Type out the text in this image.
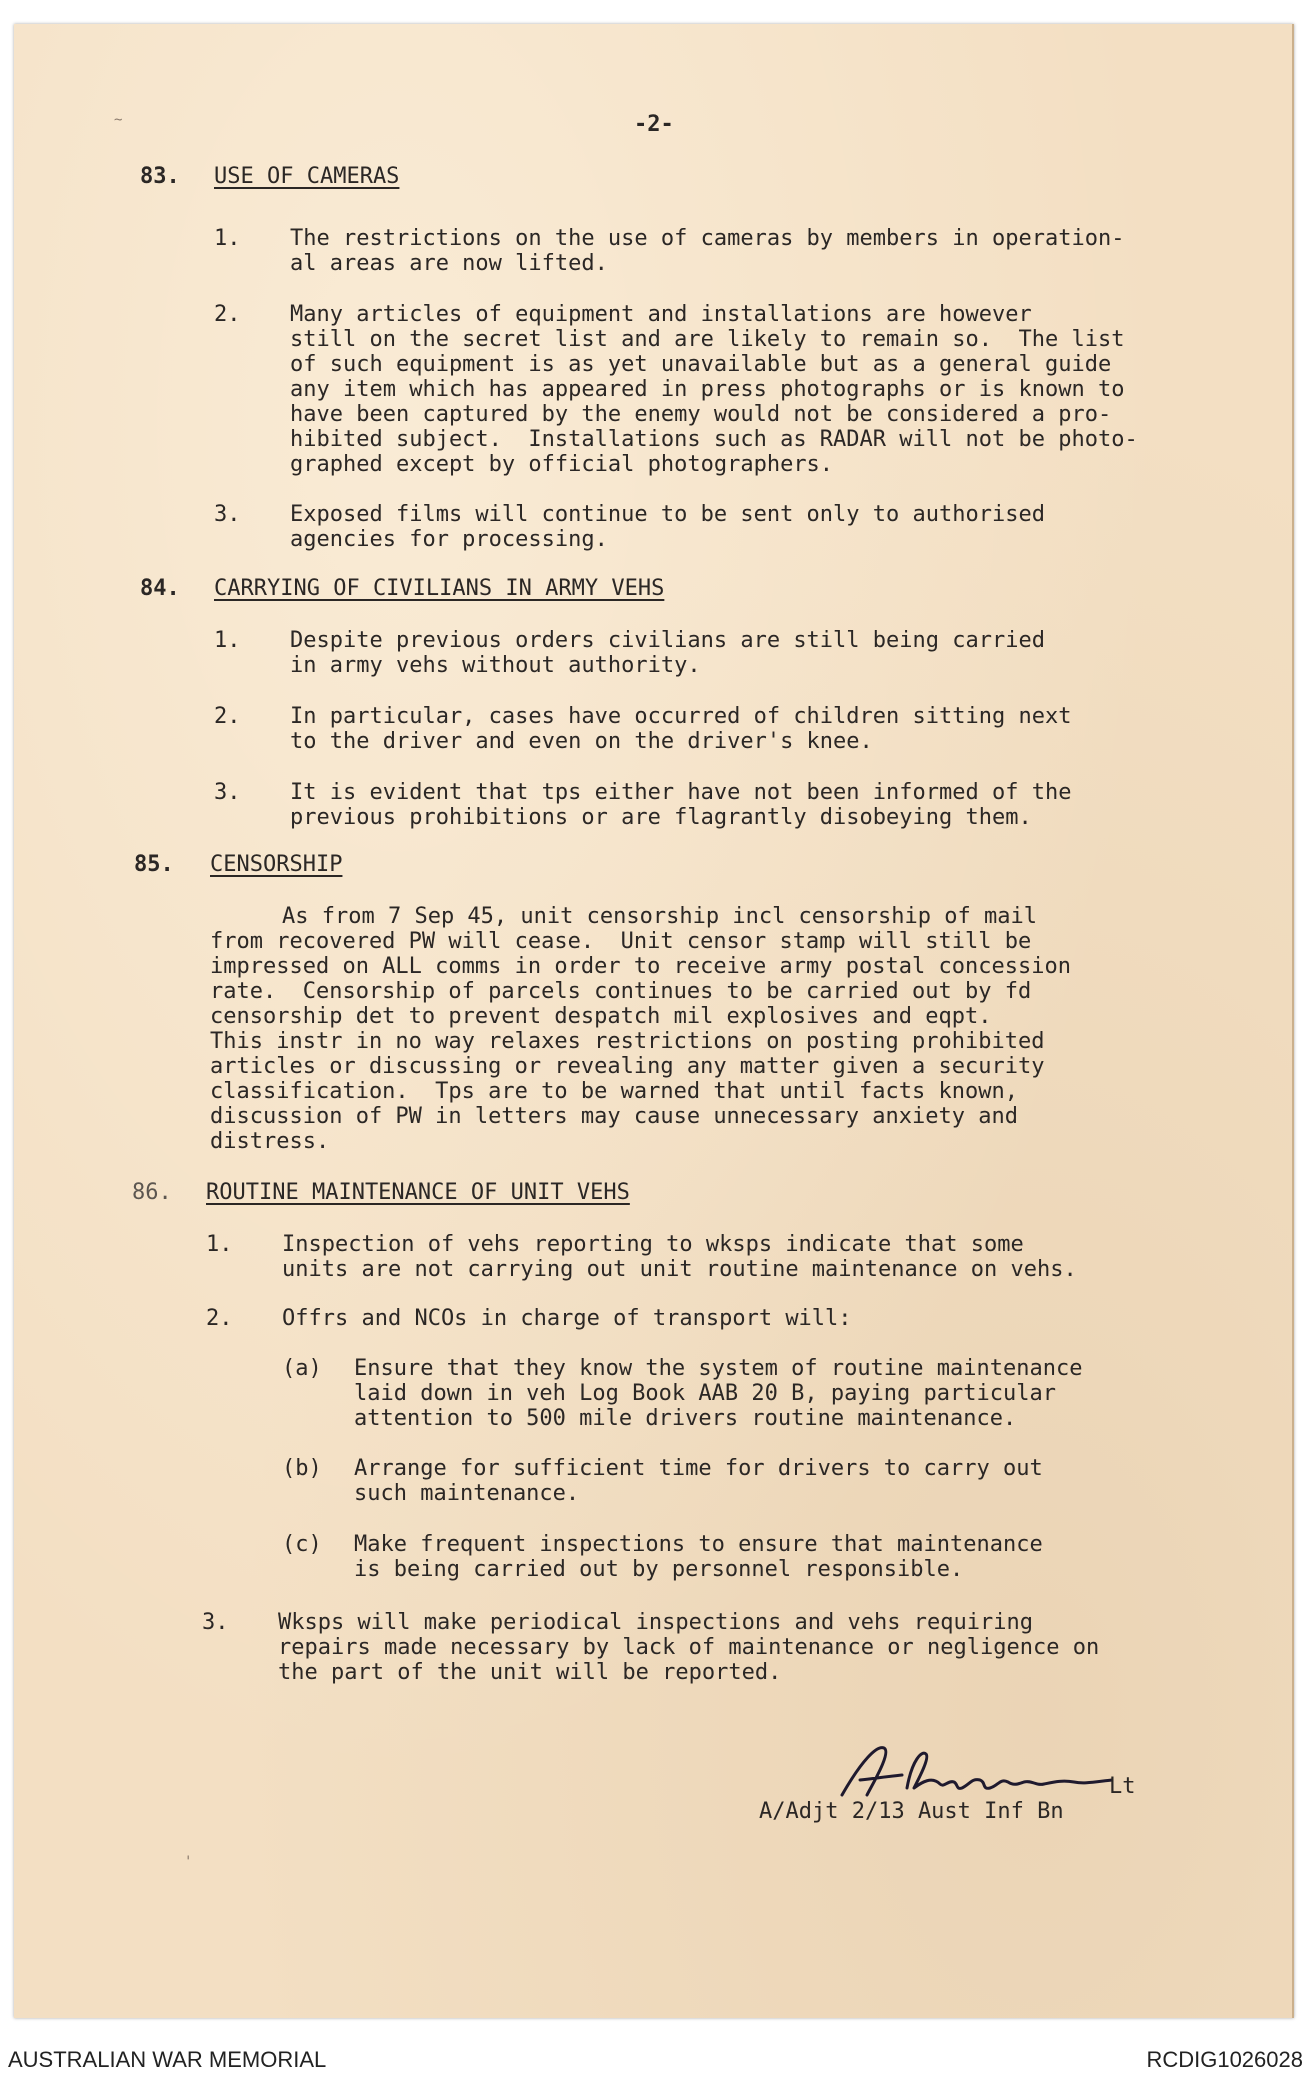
-2-
83. USE OF CAMERAS
1. The restrictions on the use of cameras by members in operation-
al areas are now lifted.
2. Many articles of equipment and installations are however
still on the secret list and are likely to remain so.  The list
of such equipment is as yet unavailable but as a general guide
any item which has appeared in press photographs or is known to
have been captured by the enemy would not be considered a pro-
hibited subject.  Installations such as RADAR will not be photo-
graphed except by official photographers.
3. Exposed films will continue to be sent only to authorised
agencies for processing.
84. CARRYING OF CIVILIANS IN ARMY VEHS
1. Despite previous orders civilians are still being carried
in army vehs without authority.
2. In particular, cases have occurred of children sitting next
to the driver and even on the driver's knee.
3. It is evident that tps either have not been informed of the
previous prohibitions or are flagrantly disobeying them.
85. CENSORSHIP
As from 7 Sep 45, unit censorship incl censorship of mail
from recovered PW will cease.  Unit censor stamp will still be
impressed on ALL comms in order to receive army postal concession
rate.  Censorship of parcels continues to be carried out by fd
censorship det to prevent despatch mil explosives and eqpt.
This instr in no way relaxes restrictions on posting prohibited
articles or discussing or revealing any matter given a security
classification.  Tps are to be warned that until facts known,
discussion of PW in letters may cause unnecessary anxiety and
distress.
86. ROUTINE MAINTENANCE OF UNIT VEHS
1. Inspection of vehs reporting to wksps indicate that some
units are not carrying out unit routine maintenance on vehs.
2. Offrs and NCOs in charge of transport will:
(a) Ensure that they know the system of routine maintenance
laid down in veh Log Book AAB 20 B, paying particular
attention to 500 mile drivers routine maintenance.
(b) Arrange for sufficient time for drivers to carry out
such maintenance.
(c) Make frequent inspections to ensure that maintenance
is being carried out by personnel responsible.
3. Wksps will make periodical inspections and vehs requiring
repairs made necessary by lack of maintenance or negligence on
the part of the unit will be reported.
Lt
A/Adjt 2/13 Aust Inf Bn
~
'
AUSTRALIAN WAR MEMORIAL	RCDIG1026028
